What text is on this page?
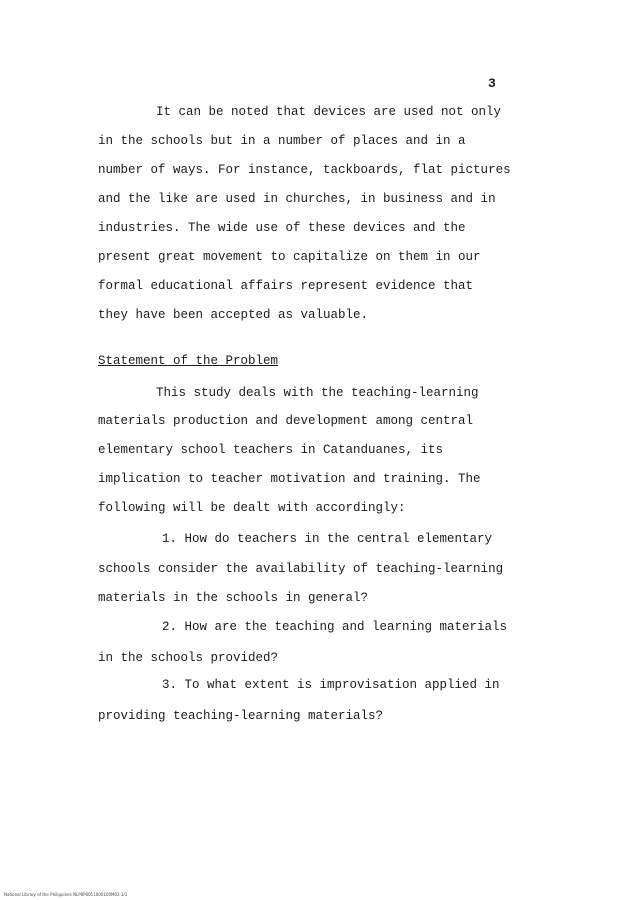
3
It can be noted that devices are used not only
in the schools but in a number of places and in a
number of ways. For instance, tackboards, flat pictures
and the like are used in churches, in business and in
industries. The wide use of these devices and the
present great movement to capitalize on them in our
formal educational affairs represent evidence that
they have been accepted as valuable.
Statement of the Problem
This study deals with the teaching-learning
materials production and development among central
elementary school teachers in Catanduanes, its
implication to teacher motivation and training. The
following will be dealt with accordingly:
1. How do teachers in the central elementary
schools consider the availability of teaching-learning
materials in the schools in general?
2. How are the teaching and learning materials
in the schools provided?
3. To what extent is improvisation applied in
providing teaching-learning materials?
National Library of the Philippines NLP0P0011000100M03 1/1
